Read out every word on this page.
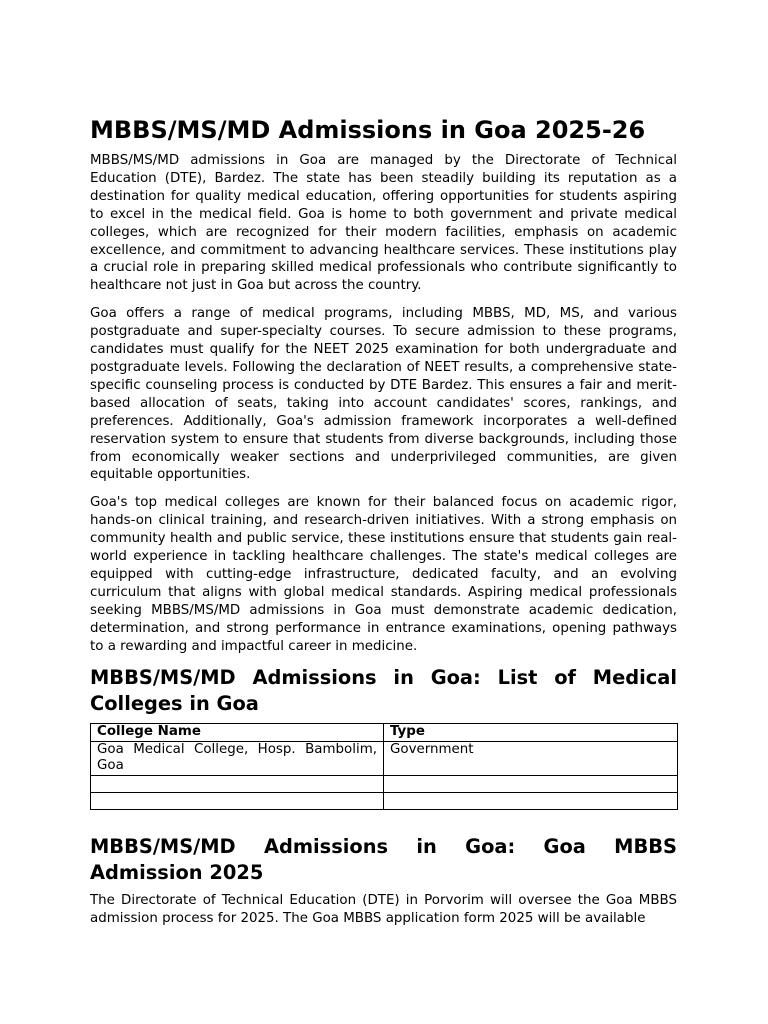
MBBS/MS/MD Admissions in Goa 2025-26

MBBS/MS/MD admissions in Goa are managed by the Directorate of Technical Education (DTE), Bardez. The state has been steadily building its reputation as a destination for quality medical education, offering opportunities for students aspiring to excel in the medical field. Goa is home to both government and private medical colleges, which are recognized for their modern facilities, emphasis on academic excellence, and commitment to advancing healthcare services. These institutions play a crucial role in preparing skilled medical professionals who contribute significantly to healthcare not just in Goa but across the country.

Goa offers a range of medical programs, including MBBS, MD, MS, and various postgraduate and super-specialty courses. To secure admission to these programs, candidates must qualify for the NEET 2025 examination for both undergraduate and postgraduate levels. Following the declaration of NEET results, a comprehensive state-specific counseling process is conducted by DTE Bardez. This ensures a fair and merit-based allocation of seats, taking into account candidates' scores, rankings, and preferences. Additionally, Goa's admission framework incorporates a well-defined reservation system to ensure that students from diverse backgrounds, including those from economically weaker sections and underprivileged communities, are given equitable opportunities.

Goa's top medical colleges are known for their balanced focus on academic rigor, hands-on clinical training, and research-driven initiatives. With a strong emphasis on community health and public service, these institutions ensure that students gain real-world experience in tackling healthcare challenges. The state's medical colleges are equipped with cutting-edge infrastructure, dedicated faculty, and an evolving curriculum that aligns with global medical standards. Aspiring medical professionals seeking MBBS/MS/MD admissions in Goa must demonstrate academic dedication, determination, and strong performance in entrance examinations, opening pathways to a rewarding and impactful career in medicine.

MBBS/MS/MD Admissions in Goa: List of Medical Colleges in Goa
College Name	Type
Goa Medical College, Hosp. Bambolim, Goa	Government

MBBS/MS/MD Admissions in Goa: Goa MBBS Admission 2025

The Directorate of Technical Education (DTE) in Porvorim will oversee the Goa MBBS admission process for 2025. The Goa MBBS application form 2025 will be available
